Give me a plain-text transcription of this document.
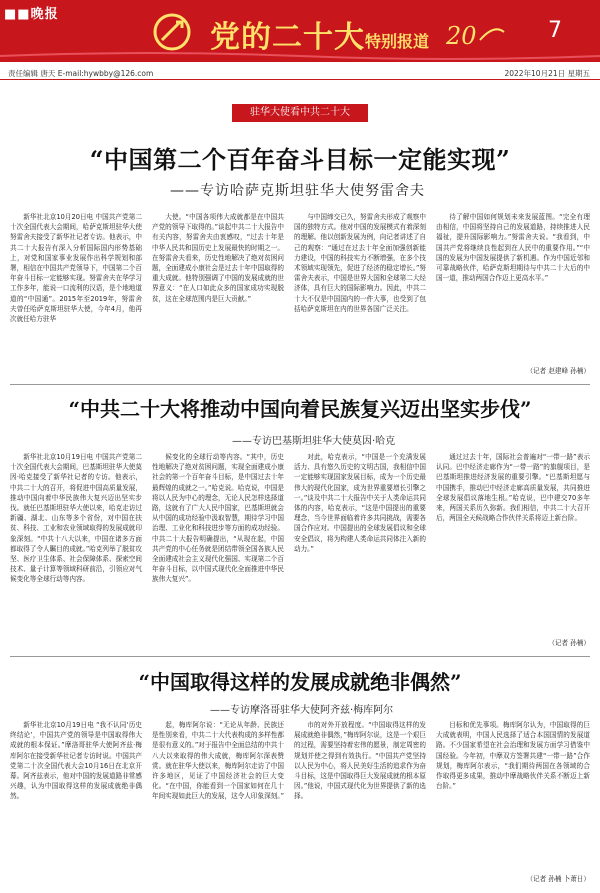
■■晚报
党的二十大特别报道 20	7
责任编辑 唐天 E-mail:hywbby@126.com	2022年10月21日 星期五
驻华大使看中共二十大
“中国第二个百年奋斗目标一定能实现”
——专访哈萨克斯坦驻华大使努雷舍夫

新华社北京10月20日电 中国共产党第二十次全国代表大会期间，哈萨克斯坦驻华大使努雷舍夫接受了新华社记者专访。他表示，中共二十大报告有深入分析国际国内形势基础上，对党和国家事业发展作出科学规划和部署，相信在中国共产党领导下，中国第二个百年奋斗目标一定能够实现。努雷舍夫在华学习工作多年，能说一口流利的汉语，是个地地道道的“中国通”。2015年至2019年，努雷舍夫曾任哈萨克斯坦驻华大使，今年4月，他再次就任哈方驻华

大使。“中国各项伟大成就都是在中国共产党的领导下取得的。”谈起中共二十大报告中有关内容，努雷舍夫由衷感叹，“过去十年是中华人民共和国历史上发展最快的时期之一。在努雷舍夫看来，历史性地解决了绝对贫困问题，全面建成小康社会是过去十年中国取得的重大成就。他特别强调了中国的发展成就的世界意义：“在人口如此众多的国家成功实现脱贫，这在全球范围内是巨大贡献。”

与中国缔交已久，努雷舍夫形成了观察中国的独特方式。他对中国的发展模式有着深刻的理解。他以创新发展为例，向记者讲述了自己的观察：“通过在过去十年全面加强创新能力建设，中国的科技实力不断增强，在多个技术领域实现领先，促进了经济的稳定增长。”努雷舍夫表示，中国是世界大国和全球第二大经济体，具有巨大的国际影响力。因此，中共二十大不仅是中国国内的一件大事，也受到了包括哈萨克斯坦在内的世界各国广泛关注。

待了解中国如何规划未来发展蓝图。“完全有理由相信，中国将坚持自己的发展道路，持续推进人民福祉，提升国际影响力。”努雷舍夫说。“我看到，中国共产党将继续良性起到在人民中的重要作用。”“中国的发展为中国发展提供了新机遇。作为中国近邻和可靠战略伙伴，哈萨克斯坦期待与中共二十大后的中国一道，推动两国合作迈上更高水平。”

（记者 赵建峰 孙楠）
“中共二十大将推动中国向着民族复兴迈出坚实步伐”
——专访巴基斯坦驻华大使莫因·哈克

新华社北京10月19日电 中国共产党第二十次全国代表大会期间，巴基斯坦驻华大使莫因·哈克接受了新华社记者的专访。他表示，中共二十大的召开，将促进中国高质量发展，推动中国向着中华民族伟大复兴迈出坚实步伐。就任巴基斯坦驻华大使以来，哈克走访过新疆、湖北、山东等多个省份，对中国在扶贫、科技、工业和农业领域取得的发展成就印象深刻。“中共十八大以来，中国在诸多方面都取得了令人瞩目的成就。”哈克列举了脱贫攻坚、医疗卫生体系、社会保障体系、探索空间技术、量子计算等领域科研前沿，引领应对气候变化等全球行动等内容。

候变化的全球行动等内容。“其中，历史性地解决了绝对贫困问题，实现全面建成小康社会的第一个百年奋斗目标，是中国过去十年最辉煌的成就之一。”哈克说。哈克说，中国是将以人民为中心的理念，无论人民怎样选择道路，这就有了广大人民中国家，巴基斯坦就会从中国的成功经验中汲取智慧，期待学习中国治理、工业化和科技进步等方面的成功经验。中共二十大报告明确提出，“从现在起，中国共产党的中心任务就是团结带领全国各族人民全面建成社会主义现代化强国、实现第二个百年奋斗目标，以中国式现代化全面推进中华民族伟大复兴”。

对此，哈克表示，“中国是一个充满发展活力、具有悠久历史的文明古国，我相信中国一定能够实现国家发展目标，成为一个历史最伟大的现代化国家，成为世界重要增长引擎之一。”谈及中共二十大报告中关于人类命运共同体的内容，哈克表示，“这是中国提出的重要理念，当今世界面临着许多共同挑战，需要各国合作应对。中国提出的全球发展倡议和全球安全倡议，将为构建人类命运共同体注入新的动力。”

通过过去十年，国际社会普遍对“一带一路”表示认同。巴中经济走廊作为“一带一路”的旗舰项目，是巴基斯坦推进经济发展的重要引擎。“巴基斯坦愿与中国携手，推动巴中经济走廊高质量发展，共同推进全球发展倡议落地生根。”哈克说，巴中建交70多年来，两国关系历久弥新。我们相信，中共二十大召开后，两国全天候战略合作伙伴关系将迈上新台阶。

（记者 孙楠）
“中国取得这样的发展成就绝非偶然”
——专访摩洛哥驻华大使阿齐兹·梅库阿尔

新华社北京10月19日电 “我不认同‘历史终结论’，中国共产党的领导是中国取得伟大成就的根本保证。”摩洛哥驻华大使阿齐兹·梅库阿尔在接受新华社记者专访时说。中国共产党第二十次全国代表大会10月16日在北京开幕。阿齐兹表示，他对中国的发展道路非常感兴趣，认为中国取得这样的发展成就绝非偶然。

起，梅库阿尔说：“无论从年龄、民族还是性别来看，中共二十大代表构成的多样性都是很有意义的。”对于报告中全面总结的中共十八大以来取得的伟大成就，梅库阿尔深表赞赏。就在驻华大使以来，梅库阿尔走访了中国许多地区，见证了中国经济社会的巨大变化。“在中国，你能看到一个国家如何在几十年间实现如此巨大的发展，这令人印象深刻。”

市的对外开放程度。“中国取得这样的发展成就绝非偶然，”梅库阿尔说，这是一个艰巨的过程，需要坚持着宏伟的愿景，制定周密的规划并使之得到有效执行。“中国共产党坚持以人民为中心，将人民美好生活的追求作为奋斗目标，这是中国取得巨大发展成就的根本原因。”他说，中国式现代化为世界提供了新的选择。

目标和优先事项。梅库阿尔认为，中国取得的巨大成就表明，中国人民选择了适合本国国情的发展道路。不少国家希望在社会治理和发展方面学习借鉴中国经验。今年初，中摩双方签署共建“一带一路”合作规划，梅库阿尔表示，“我们期待两国在各领域的合作取得更多成果，推动中摩战略伙伴关系不断迈上新台阶。”

（记者 孙楠 卜萧日）
